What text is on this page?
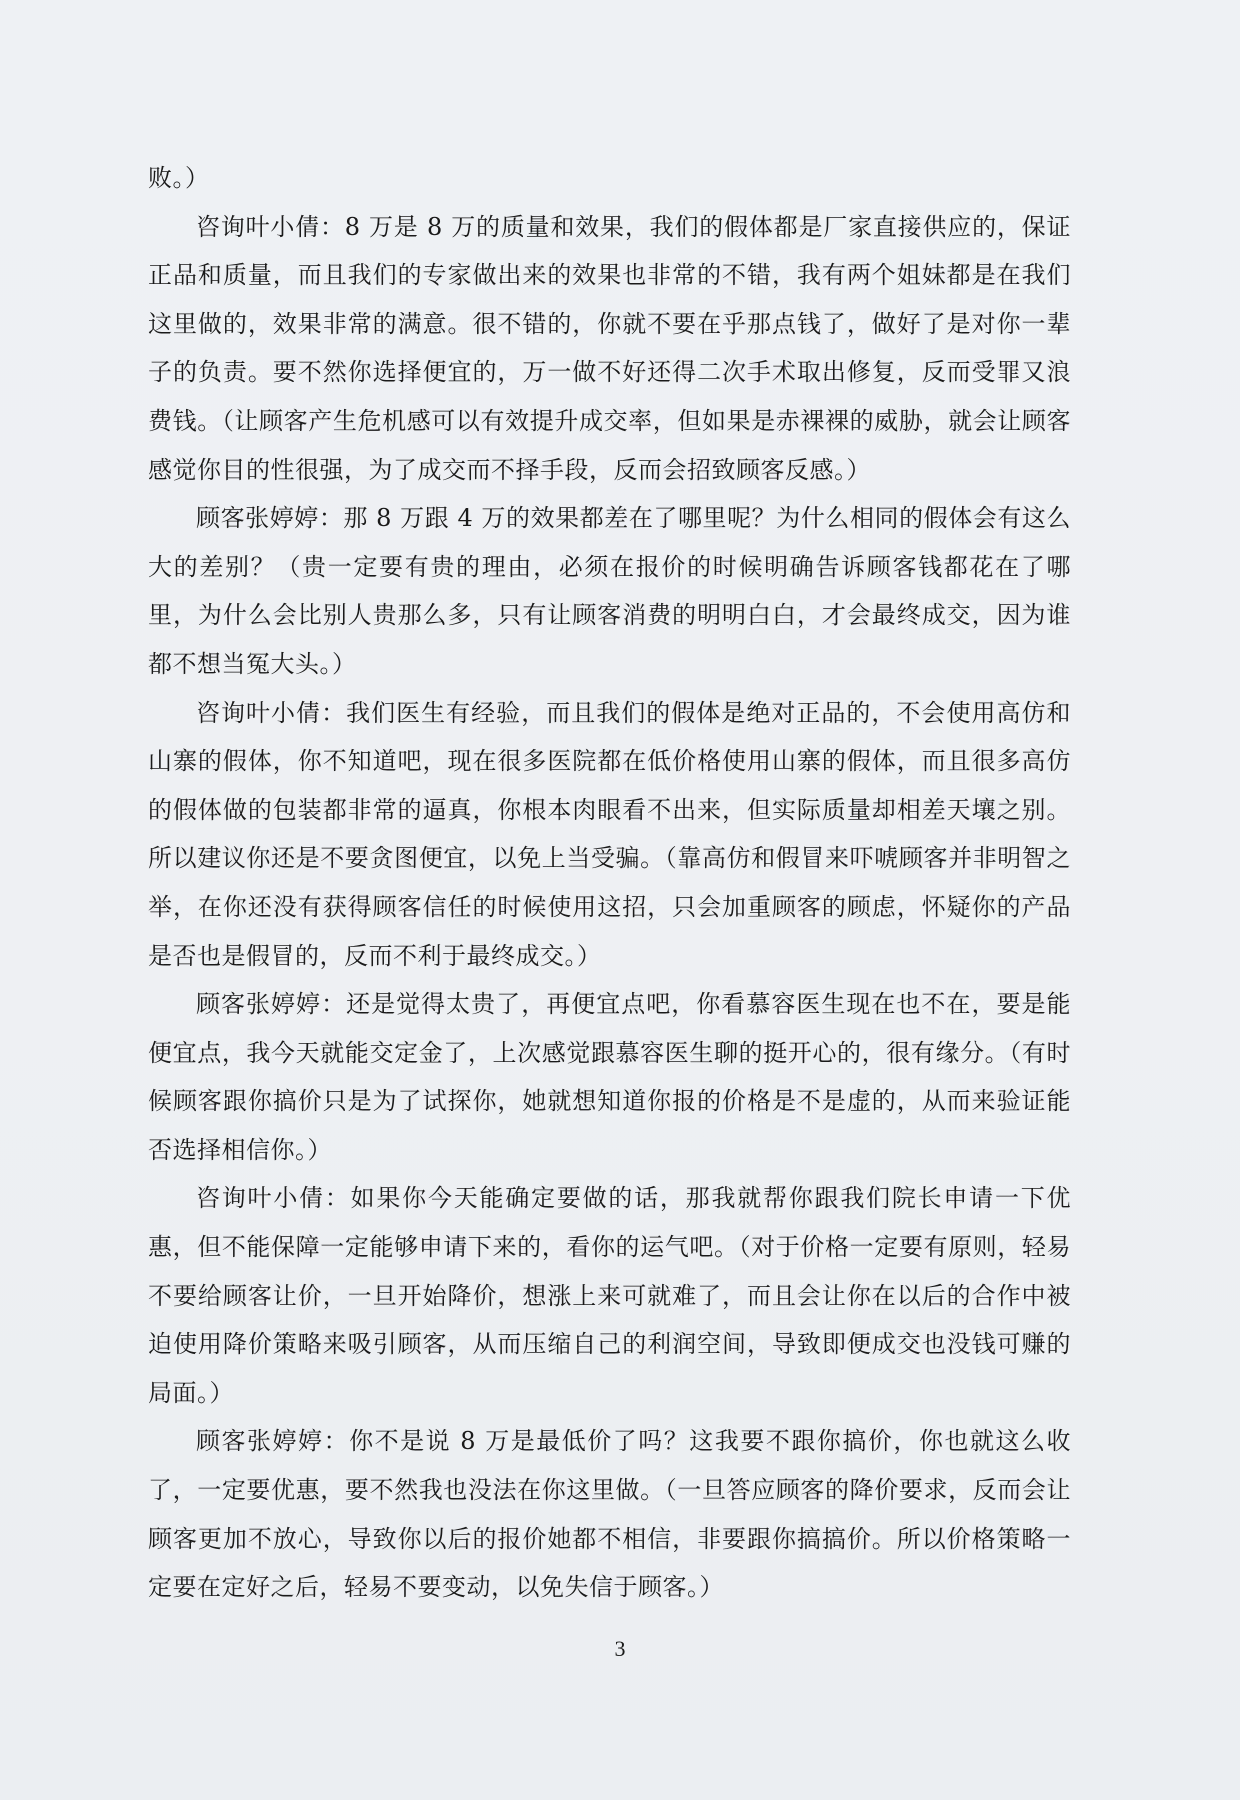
败。）

咨询叶小倩：8 万是 8 万的质量和效果，我们的假体都是厂家直接供应的，保证正品和质量，而且我们的专家做出来的效果也非常的不错，我有两个姐妹都是在我们这里做的，效果非常的满意。很不错的，你就不要在乎那点钱了，做好了是对你一辈子的负责。要不然你选择便宜的，万一做不好还得二次手术取出修复，反而受罪又浪费钱。（让顾客产生危机感可以有效提升成交率，但如果是赤裸裸的威胁，就会让顾客感觉你目的性很强，为了成交而不择手段，反而会招致顾客反感。）

顾客张婷婷：那 8 万跟 4 万的效果都差在了哪里呢？为什么相同的假体会有这么大的差别？（贵一定要有贵的理由，必须在报价的时候明确告诉顾客钱都花在了哪里，为什么会比别人贵那么多，只有让顾客消费的明明白白，才会最终成交，因为谁都不想当冤大头。）

咨询叶小倩：我们医生有经验，而且我们的假体是绝对正品的，不会使用高仿和山寨的假体，你不知道吧，现在很多医院都在低价格使用山寨的假体，而且很多高仿的假体做的包装都非常的逼真，你根本肉眼看不出来，但实际质量却相差天壤之别。所以建议你还是不要贪图便宜，以免上当受骗。（靠高仿和假冒来吓唬顾客并非明智之举，在你还没有获得顾客信任的时候使用这招，只会加重顾客的顾虑，怀疑你的产品是否也是假冒的，反而不利于最终成交。）

顾客张婷婷：还是觉得太贵了，再便宜点吧，你看慕容医生现在也不在，要是能便宜点，我今天就能交定金了，上次感觉跟慕容医生聊的挺开心的，很有缘分。（有时候顾客跟你搞价只是为了试探你，她就想知道你报的价格是不是虚的，从而来验证能否选择相信你。）

咨询叶小倩：如果你今天能确定要做的话，那我就帮你跟我们院长申请一下优惠，但不能保障一定能够申请下来的，看你的运气吧。（对于价格一定要有原则，轻易不要给顾客让价，一旦开始降价，想涨上来可就难了，而且会让你在以后的合作中被迫使用降价策略来吸引顾客，从而压缩自己的利润空间，导致即便成交也没钱可赚的局面。）

顾客张婷婷：你不是说 8 万是最低价了吗？这我要不跟你搞价，你也就这么收了，一定要优惠，要不然我也没法在你这里做。（一旦答应顾客的降价要求，反而会让顾客更加不放心，导致你以后的报价她都不相信，非要跟你搞搞价。所以价格策略一定要在定好之后，轻易不要变动，以免失信于顾客。）

3
